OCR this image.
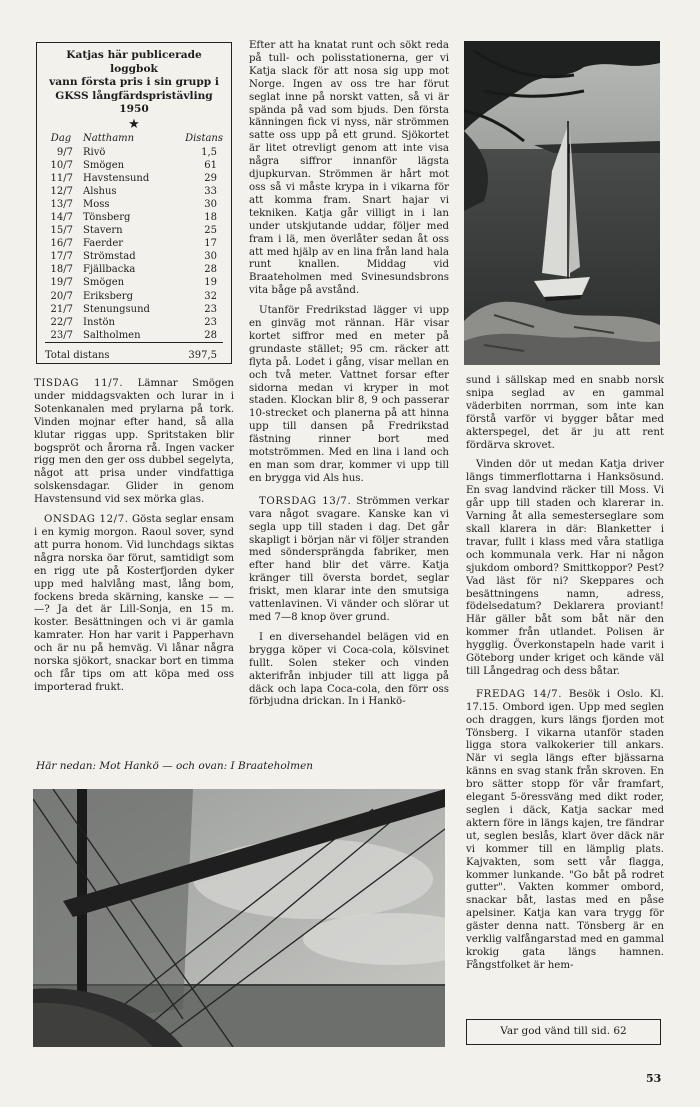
Katjas här publicerade loggbok
vann första pris i sin grupp i
GKSS långfärdspristävling 1950
★
Dag	Natthamn	Distans
9/7	Rivö	1,5
10/7	Smögen	61
11/7	Havstensund	29
12/7	Alshus	33
13/7	Moss	30
14/7	Tönsberg	18
15/7	Stavern	25
16/7	Faerder	17
17/7	Strömstad	30
18/7	Fjällbacka	28
19/7	Smögen	19
20/7	Eriksberg	32
21/7	Stenungsund	23
22/7	Instön	23
23/7	Saltholmen	28
Total distans		397,5

TISDAG 11/7. Lämnar Smögen under middagsvakten och lurar in i Sotenkanalen med prylarna på tork. Vinden mojnar efter hand, så alla klutar riggas upp. Spritstaken blir bogspröt och årorna rå. Ingen vacker rigg men den ger oss dubbel segelyta, något att prisa under vindfattiga solskensdagar. Glider in genom Havstensund vid sex mörka glas.

ONSDAG 12/7. Gösta seglar ensam i en kymig morgon. Raoul sover, synd att purra honom. Vid lunchdags siktas några norska öar förut, samtidigt som en rigg ute på Kosterfjorden dyker upp med halvlång mast, lång bom, fockens breda skärning, kanske — — —? Ja det är Lill-Sonja, en 15 m. koster. Besättningen och vi är gamla kamrater. Hon har varit i Papperhavn och är nu på hemväg. Vi lånar några norska sjökort, snackar bort en timma och får tips om att köpa med oss importerad frukt.

Efter att ha knatat runt och sökt reda på tull- och polisstationerna, ger vi Katja slack för att nosa sig upp mot Norge. Ingen av oss tre har förut seglat inne på norskt vatten, så vi är spända på vad som bjuds. Den första känningen fick vi nyss, när strömmen satte oss upp på ett grund. Sjökortet är litet otrevligt genom att inte visa några siffror innanför lägsta djupkurvan. Strömmen är hårt mot oss så vi måste krypa in i vikarna för att komma fram. Snart hajar vi tekniken. Katja går villigt in i lan under utskjutande uddar, följer med fram i lä, men överlåter sedan åt oss att med hjälp av en lina från land hala runt knallen. Middag vid Braateholmen med Svinesundsbrons vita båge på avstånd.

Utanför Fredrikstad lägger vi upp en ginväg mot rännan. Här visar kortet siffror med en meter på grundaste stället; 95 cm. räcker att flyta på. Lodet i gång, visar mellan en och två meter. Vattnet forsar efter sidorna medan vi kryper in mot staden. Klockan blir 8, 9 och passerar 10-strecket och planerna på att hinna upp till dansen på Fredrikstad fästning rinner bort med motströmmen. Med en lina i land och en man som drar, kommer vi upp till en brygga vid Als hus.

TORSDAG 13/7. Strömmen verkar vara något svagare. Kanske kan vi segla upp till staden i dag. Det går skapligt i början när vi följer stranden med söndersprängda fabriker, men efter hand blir det värre. Katja kränger till översta bordet, seglar friskt, men klarar inte den smutsiga vattenlavinen. Vi vänder och slörar ut med 7—8 knop över grund.

I en diversehandel belägen vid en brygga köper vi Coca-cola, kölsvinet fullt. Solen steker och vinden akterifrån inbjuder till att ligga på däck och lapa Coca-cola, den förr oss förbjudna drickan. In i Hankö-

sund i sällskap med en snabb norsk snipa seglad av en gammal väderbiten norrman, som inte kan förstå varför vi bygger båtar med akterspegel, det är ju att rent fördärva skrovet.

Vinden dör ut medan Katja driver längs timmerflottarna i Hanksösund. En svag landvind räcker till Moss. Vi går upp till staden och klarerar in. Varning åt alla semesterseglare som skall klarera in där: Blanketter i travar, fullt i klass med våra statliga och kommunala verk. Har ni någon sjukdom ombord? Smittkoppor? Pest? Vad läst för ni? Skeppares och besättningens namn, adress, födelsedatum? Deklarera proviant! Här gäller båt som båt när den kommer från utlandet. Polisen är hygglig. Överkonstapeln hade varit i Göteborg under kriget och kände väl till Långedrag och dess båtar.

FREDAG 14/7. Besök i Oslo. Kl. 17.15. Ombord igen. Upp med seglen och draggen, kurs längs fjorden mot Tönsberg. I vikarna utanför staden ligga stora valkokerier till ankars. När vi segla längs efter bjässarna känns en svag stank från skroven. En bro sätter stopp för vår framfart, elegant 5-öressväng med dikt roder, seglen i däck, Katja sackar med aktern före in längs kajen, tre fändrar ut, seglen beslås, klart över däck när vi kommer till en lämplig plats. Kajvakten, som sett vår flagga, kommer lunkande. "Go båt på rodret gutter". Vakten kommer ombord, snackar båt, lastas med en påse apelsiner. Katja kan vara trygg för gäster denna natt. Tönsberg är en verklig valfångarstad med en gammal krokig gata längs hamnen. Fångstfolket är hem-

Här nedan: Mot Hankö — och ovan: I Braateholmen
Var god vänd till sid. 62
53
